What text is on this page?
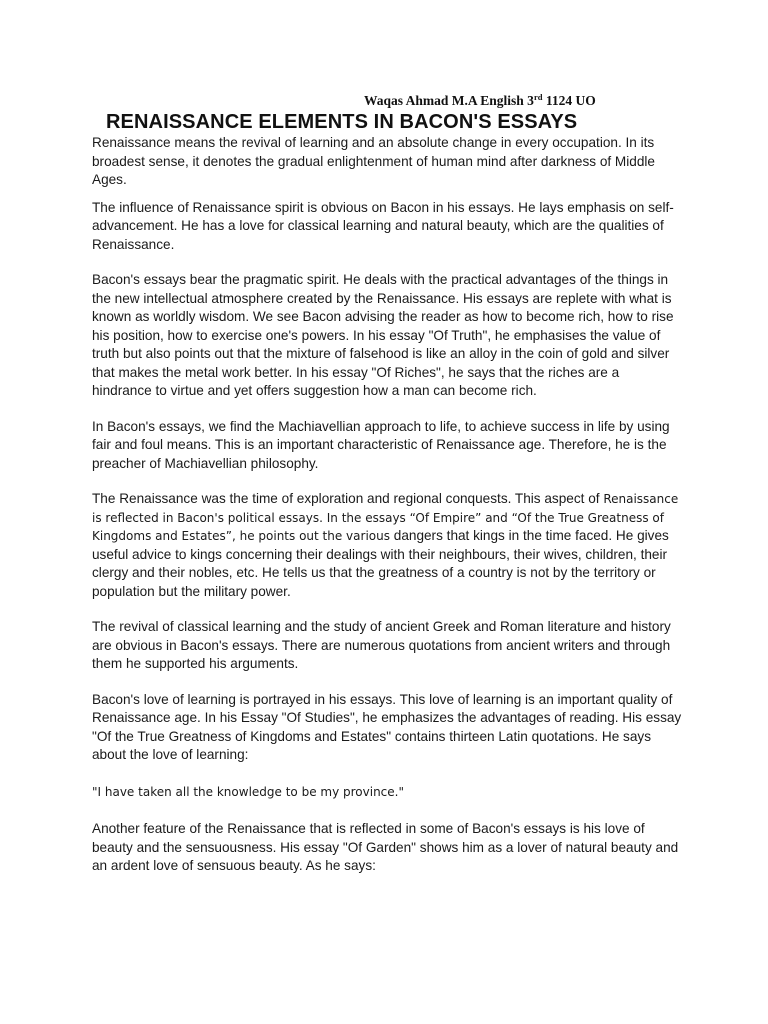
Waqas Ahmad M.A English 3rd 1124 UO
RENAISSANCE ELEMENTS IN BACON'S ESSAYS

Renaissance means the revival of learning and an absolute change in every occupation. In its broadest sense, it denotes the gradual enlightenment of human mind after darkness of Middle Ages.

The influence of Renaissance spirit is obvious on Bacon in his essays. He lays emphasis on self-advancement. He has a love for classical learning and natural beauty, which are the qualities of Renaissance.

Bacon's essays bear the pragmatic spirit. He deals with the practical advantages of the things in the new intellectual atmosphere created by the Renaissance. His essays are replete with what is known as worldly wisdom. We see Bacon advising the reader as how to become rich, how to rise his position, how to exercise one's powers. In his essay "Of Truth", he emphasises the value of truth but also points out that the mixture of falsehood is like an alloy in the coin of gold and silver that makes the metal work better. In his essay "Of Riches", he says that the riches are a hindrance to virtue and yet offers suggestion how a man can become rich.

In Bacon's essays, we find the Machiavellian approach to life, to achieve success in life by using fair and foul means. This is an important characteristic of Renaissance age. Therefore, he is the preacher of Machiavellian philosophy.

The Renaissance was the time of exploration and regional conquests. This aspect of Renaissance is reflected in Bacon's political essays. In the essays “Of Empire” and “Of the True Greatness of Kingdoms and Estates”, he points out the various dangers that kings in the time faced. He gives useful advice to kings concerning their dealings with their neighbours, their wives, children, their clergy and their nobles, etc. He tells us that the greatness of a country is not by the territory or population but the military power.

The revival of classical learning and the study of ancient Greek and Roman literature and history are obvious in Bacon's essays. There are numerous quotations from ancient writers and through them he supported his arguments.

Bacon's love of learning is portrayed in his essays. This love of learning is an important quality of Renaissance age. In his Essay "Of Studies", he emphasizes the advantages of reading. His essay "Of the True Greatness of Kingdoms and Estates" contains thirteen Latin quotations. He says about the love of learning:

"I have taken all the knowledge to be my province."

Another feature of the Renaissance that is reflected in some of Bacon's essays is his love of beauty and the sensuousness. His essay "Of Garden" shows him as a lover of natural beauty and an ardent love of sensuous beauty. As he says:
